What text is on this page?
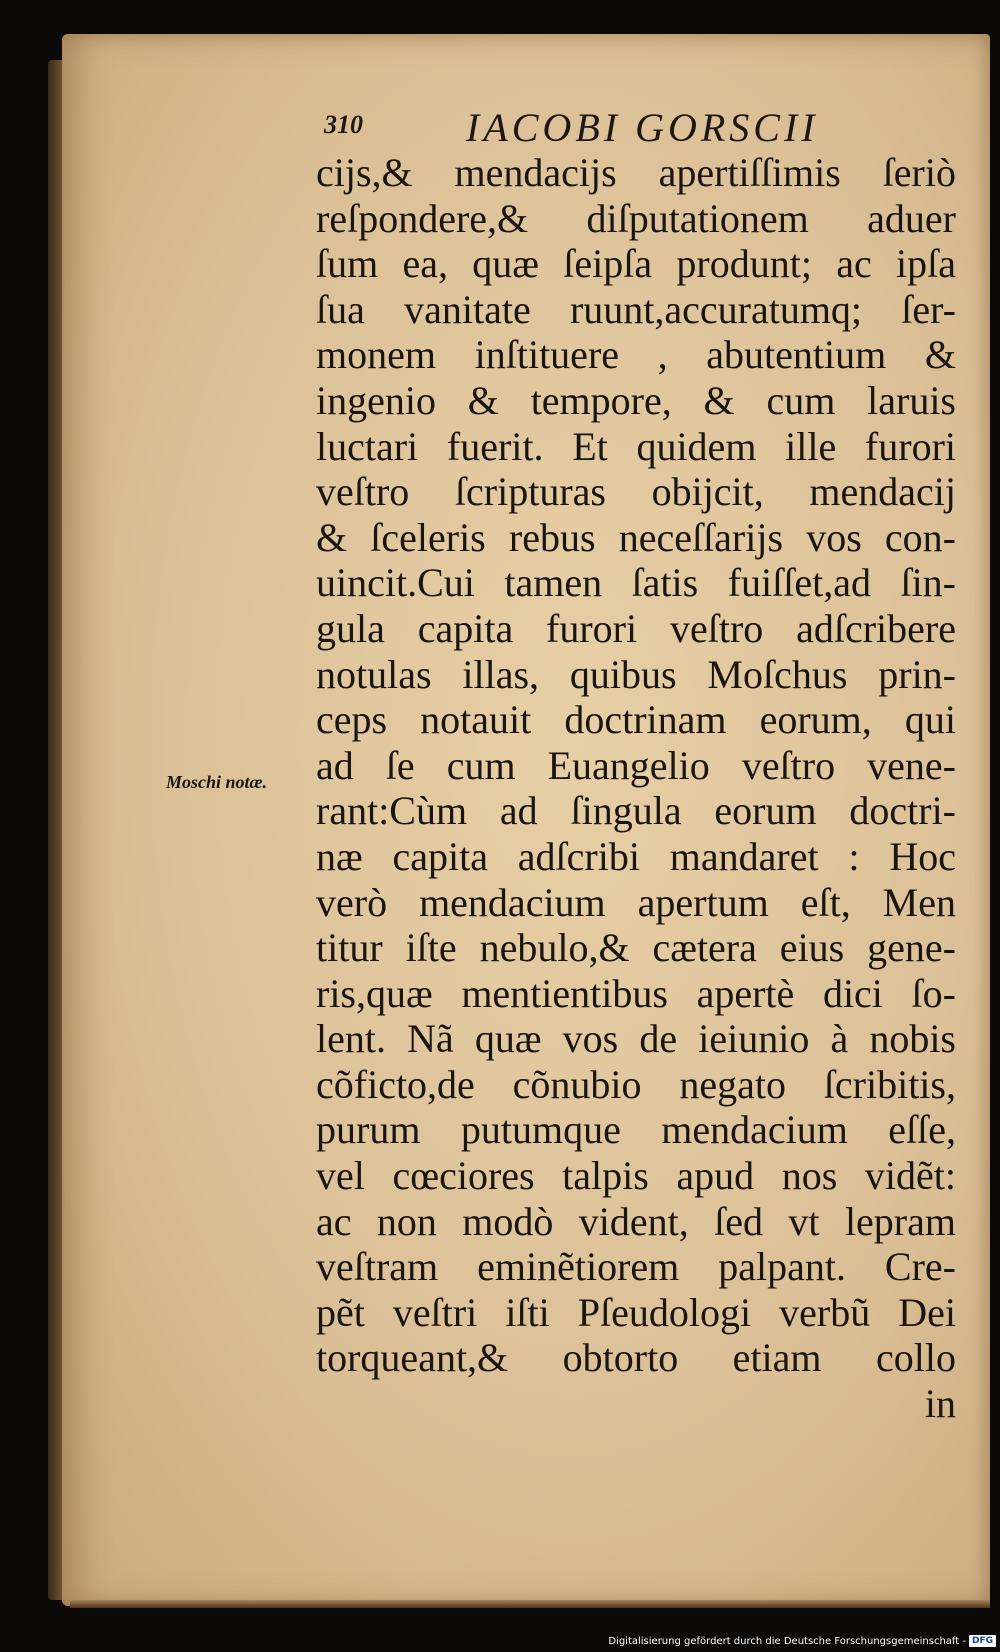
310	IACOBI GORSCII
Moschi notæ.
cijs,& mendacijs apertiſſimis ſeriò
reſpondere,& diſputationem aduer
ſum ea, quæ ſeipſa produnt; ac ipſa
ſua vanitate ruunt,accuratumq; ſer-
monem inſtituere , abutentium &
ingenio & tempore, & cum laruis
luctari fuerit. Et quidem ille furori
veſtro ſcripturas obijcit, mendacij
& ſceleris rebus neceſſarijs vos con-
uincit.Cui tamen ſatis fuiſſet,ad ſin-
gula capita furori veſtro adſcribere
notulas illas, quibus Moſchus prin-
ceps notauit doctrinam eorum, qui
ad ſe cum Euangelio veſtro vene-
rant:Cùm ad ſingula eorum doctri-
næ capita adſcribi mandaret : Hoc
verò mendacium apertum eſt, Men
titur iſte nebulo,& cætera eius gene-
ris,quæ mentientibus apertè dici ſo-
lent. Nã quæ vos de ieiunio à nobis
cõficto,de cõnubio negato ſcribitis,
purum putumque mendacium eſſe,
vel cœciores talpis apud nos vidẽt:
ac non modò vident, ſed vt lepram
veſtram eminẽtiorem palpant. Cre-
pẽt veſtri iſti Pſeudologi verbũ Dei
torqueant,& obtorto etiam collo
in
Digitalisierung gefördert durch die Deutsche Forschungsgemeinschaft - DFG
